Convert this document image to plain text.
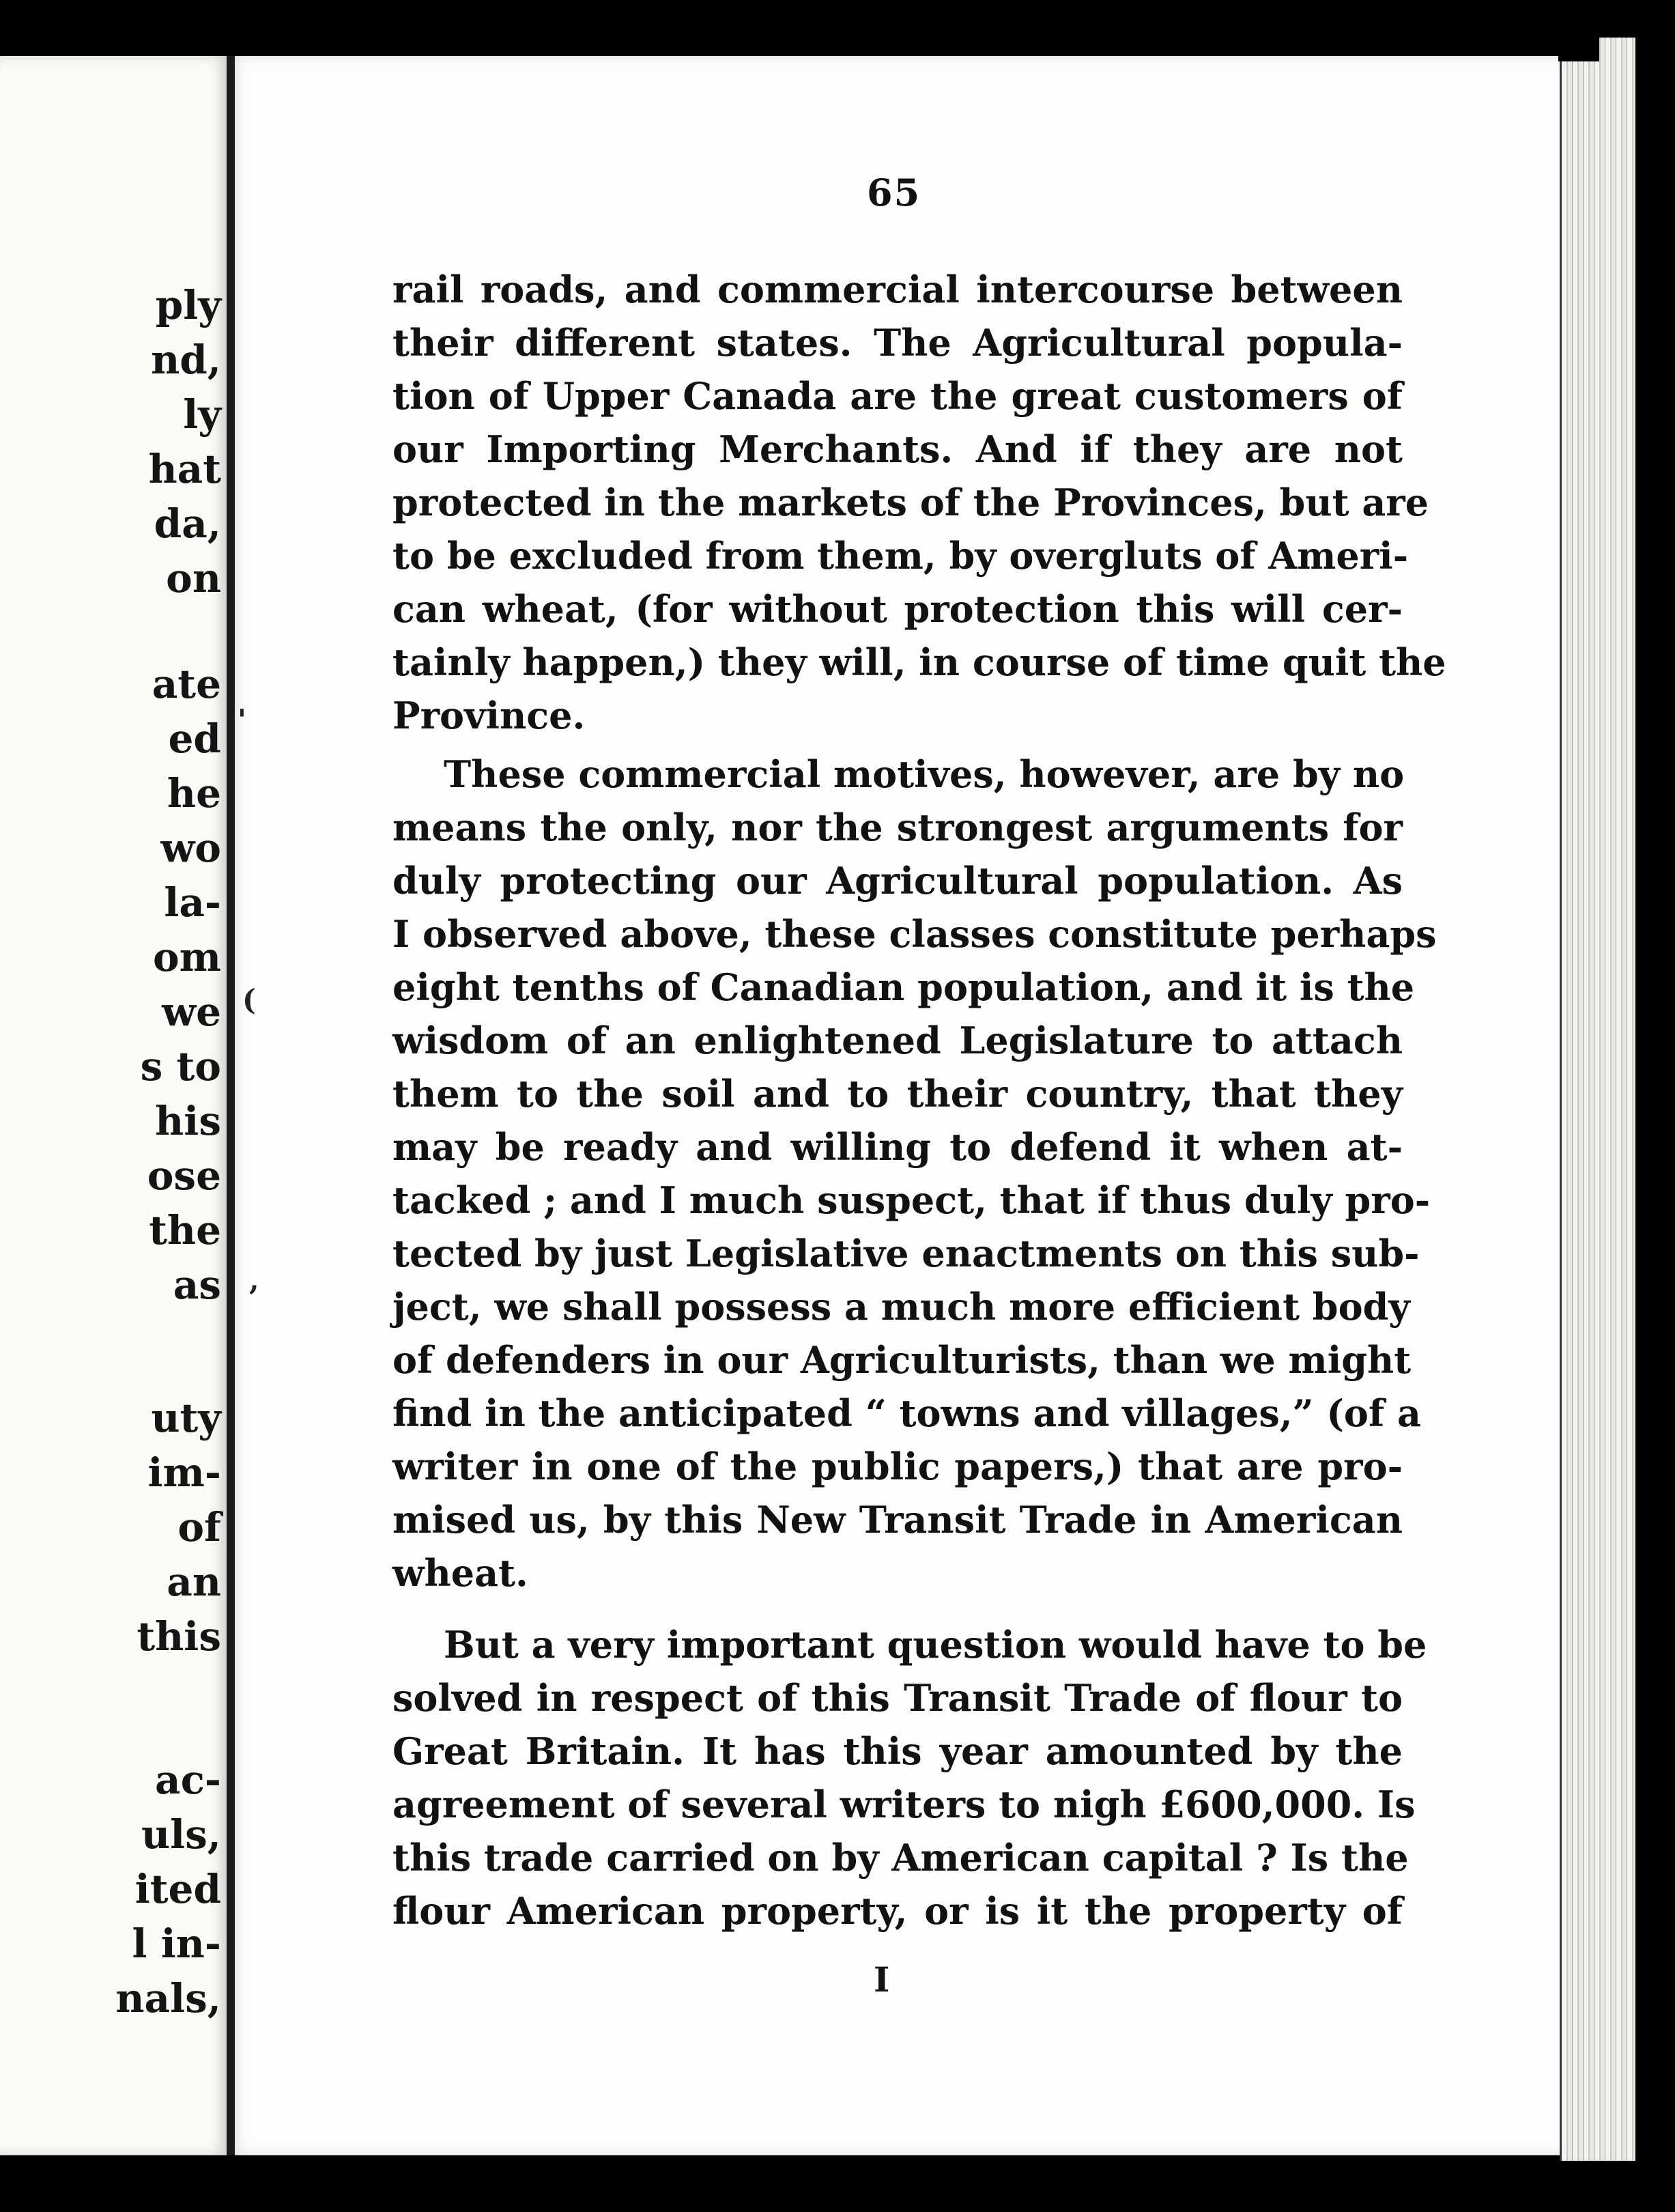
ply
nd,
ly
hat
da,
on
ate
ed
he
wo
la-
om
we
s to
his
ose
the
as
uty
im-
of
an
this
ac-
uls,
ited
l in-
nals,
65
rail roads, and commercial intercourse between
their different states. The Agricultural popula-
tion of Upper Canada are the great customers of
our Importing Merchants. And if they are not
protected in the markets of the Provinces, but are
to be excluded from them, by overgluts of Ameri-
can wheat, (for without protection this will cer-
tainly happen,) they will, in course of time quit the
Province.
These commercial motives, however, are by no
means the only, nor the strongest arguments for
duly protecting our Agricultural population. As
I observed above, these classes constitute perhaps
eight tenths of Canadian population, and it is the
wisdom of an enlightened Legislature to attach
them to the soil and to their country, that they
may be ready and willing to defend it when at-
tacked ; and I much suspect, that if thus duly pro-
tected by just Legislative enactments on this sub-
ject, we shall possess a much more efficient body
of defenders in our Agriculturists, than we might
find in the anticipated “ towns and villages,” (of a
writer in one of the public papers,) that are pro-
mised us, by this New Transit Trade in American
wheat.
But a very important question would have to be
solved in respect of this Transit Trade of flour to
Great Britain. It has this year amounted by the
agreement of several writers to nigh £600,000. Is
this trade carried on by American capital ? Is the
flour American property, or is it the property of
I
'
(
,
